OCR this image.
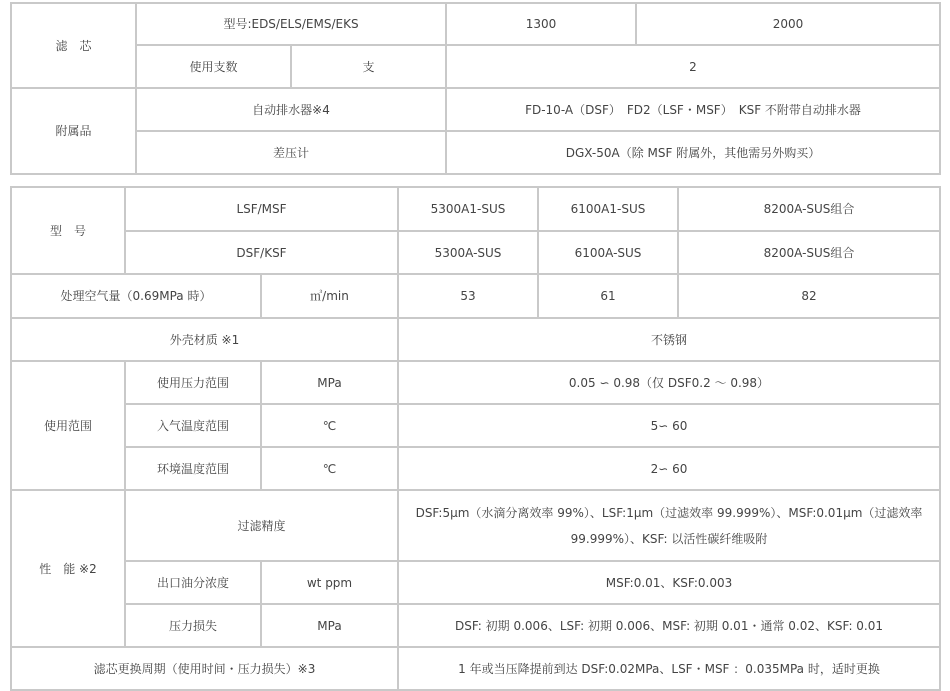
滤　芯	型号:EDS/ELS/EMS/EKS		1300	2000
	使用支数	支	2	
附属品	自动排水器※4		FD-10-A（DSF）　FD2（LSF・MSF）　KSF 不附带自动排水器	
	差压计		DGX-50A（除 MSF 附属外，其他需另外购买）	
型　号	LSF/MSF		5300A1-SUS	6100A1-SUS	8200A-SUS组合
	DSF/KSF		5300A-SUS	6100A-SUS	8200A-SUS组合
处理空气量（0.69MPa 時）		㎥/min	53	61	82
外壳材质 ※1			不锈钢		
使用范围	使用压力范围	MPa	0.05 ∽ 0.98（仅 DSF0.2 ～ 0.98）		
	入气温度范围	℃	5∽ 60		
	环境温度范围	℃	2∽ 60		
性　能 ※2	过滤精度		DSF:5μm（水滴分离效率 99%）、LSF:1μm（过滤效率 99.999%）、MSF:0.01μm（过滤效率
99.999%）、KSF: 以活性碳纤维吸附		

	出口油分浓度	wt ppm	MSF:0.01、KSF:0.003		
	压力损失	MPa	DSF: 初期 0.006、LSF: 初期 0.006、MSF: 初期 0.01・通常 0.02、KSF: 0.01		
滤芯更换周期（使用时间・压力损失）※3			1 年或当压降提前到达 DSF:0.02MPa、LSF・MSF ：0.035MPa 时，适时更换		
